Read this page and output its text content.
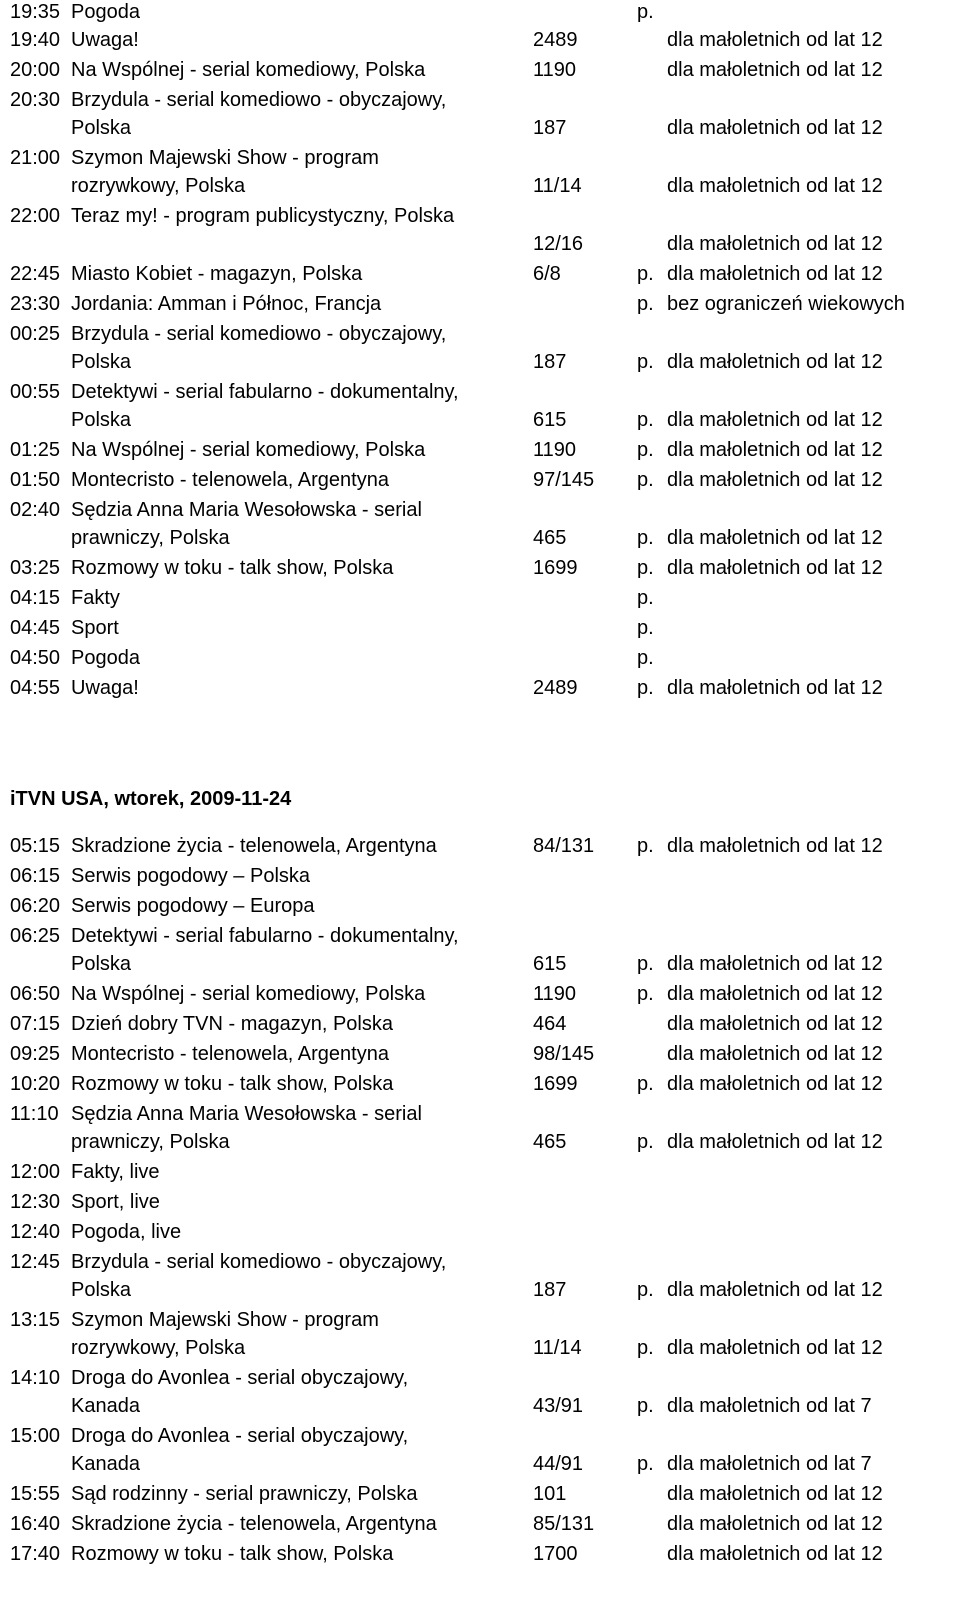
iTVN USA, wtorek, 2009-11-24
19:35 Pogoda	p.
19:40 Uwaga!	2489	dla małoletnich od lat 12
20:00 Na Wspólnej - serial komediowy, Polska	1190	dla małoletnich od lat 12
20:30 Brzydula - serial komediowo - obyczajowy,
Polska	187	dla małoletnich od lat 12
21:00 Szymon Majewski Show - program
rozrywkowy, Polska	11/14	dla małoletnich od lat 12
22:00 Teraz my! - program publicystyczny, Polska
12/16	dla małoletnich od lat 12
22:45 Miasto Kobiet - magazyn, Polska	6/8	p. dla małoletnich od lat 12
23:30 Jordania: Amman i Północ, Francja	p. bez ograniczeń wiekowych
00:25 Brzydula - serial komediowo - obyczajowy,
Polska	187	p. dla małoletnich od lat 12
00:55 Detektywi - serial fabularno - dokumentalny,
Polska	615	p. dla małoletnich od lat 12
01:25 Na Wspólnej - serial komediowy, Polska	1190	p. dla małoletnich od lat 12
01:50 Montecristo - telenowela, Argentyna	97/145 p. dla małoletnich od lat 12
02:40 Sędzia Anna Maria Wesołowska - serial
prawniczy, Polska	465	p. dla małoletnich od lat 12
03:25 Rozmowy w toku - talk show, Polska	1699	p. dla małoletnich od lat 12
04:15 Fakty	p.
04:45 Sport	p.
04:50 Pogoda	p.
04:55 Uwaga!	2489	p. dla małoletnich od lat 12
05:15 Skradzione życia - telenowela, Argentyna	84/131 p. dla małoletnich od lat 12
06:15 Serwis pogodowy – Polska
06:20 Serwis pogodowy – Europa
06:25 Detektywi - serial fabularno - dokumentalny,
Polska	615	p. dla małoletnich od lat 12
06:50 Na Wspólnej - serial komediowy, Polska	1190	p. dla małoletnich od lat 12
07:15 Dzień dobry TVN - magazyn, Polska	464	dla małoletnich od lat 12
09:25 Montecristo - telenowela, Argentyna	98/145	dla małoletnich od lat 12
10:20 Rozmowy w toku - talk show, Polska	1699	p. dla małoletnich od lat 12
11:10 Sędzia Anna Maria Wesołowska - serial
prawniczy, Polska	465	p. dla małoletnich od lat 12
12:00 Fakty, live
12:30 Sport, live
12:40 Pogoda, live
12:45 Brzydula - serial komediowo - obyczajowy,
Polska	187	p. dla małoletnich od lat 12
13:15 Szymon Majewski Show - program
rozrywkowy, Polska	11/14	p. dla małoletnich od lat 12
14:10 Droga do Avonlea - serial obyczajowy,
Kanada	43/91	p. dla małoletnich od lat 7
15:00 Droga do Avonlea - serial obyczajowy,
Kanada	44/91	p. dla małoletnich od lat 7
15:55 Sąd rodzinny - serial prawniczy, Polska	101	dla małoletnich od lat 12
16:40 Skradzione życia - telenowela, Argentyna	85/131	dla małoletnich od lat 12
17:40 Rozmowy w toku - talk show, Polska	1700	dla małoletnich od lat 12
